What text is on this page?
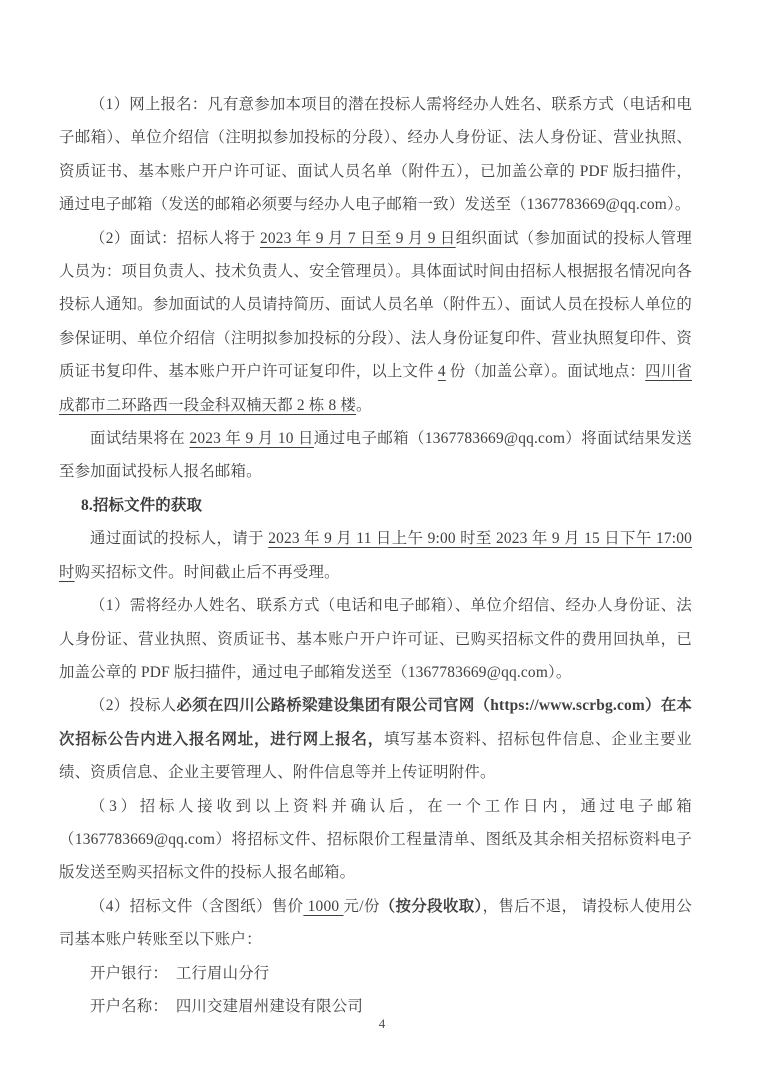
（1）网上报名：凡有意参加本项目的潜在投标人需将经办人姓名、联系方式（电话和电子邮箱）、单位介绍信（注明拟参加投标的分段）、经办人身份证、法人身份证、营业执照、资质证书、基本账户开户许可证、面试人员名单（附件五），已加盖公章的 PDF 版扫描件，通过电子邮箱（发送的邮箱必须要与经办人电子邮箱一致）发送至（1367783669@qq.com）。

（2）面试：招标人将于 2023 年 9 月 7 日至 9 月 9 日组织面试（参加面试的投标人管理人员为：项目负责人、技术负责人、安全管理员）。具体面试时间由招标人根据报名情况向各投标人通知。参加面试的人员请持简历、面试人员名单（附件五）、面试人员在投标人单位的参保证明、单位介绍信（注明拟参加投标的分段）、法人身份证复印件、营业执照复印件、资质证书复印件、基本账户开户许可证复印件，以上文件 4 份（加盖公章）。面试地点：四川省成都市二环路西一段金科双楠天都 2 栋 8 楼。

面试结果将在 2023 年 9 月 10 日通过电子邮箱（1367783669@qq.com）将面试结果发送至参加面试投标人报名邮箱。

8.招标文件的获取

通过面试的投标人，请于 2023 年 9 月 11 日上午 9:00 时至 2023 年 9 月 15 日下午 17:00 时购买招标文件。时间截止后不再受理。

（1）需将经办人姓名、联系方式（电话和电子邮箱）、单位介绍信、经办人身份证、法人身份证、营业执照、资质证书、基本账户开户许可证、已购买招标文件的费用回执单，已加盖公章的 PDF 版扫描件，通过电子邮箱发送至（1367783669@qq.com）。

（2）投标人必须在四川公路桥梁建设集团有限公司官网（https://www.scrbg.com）在本次招标公告内进入报名网址，进行网上报名，填写基本资料、招标包件信息、企业主要业绩、资质信息、企业主要管理人、附件信息等并上传证明附件。

（3）招标人接收到以上资料并确认后，在一个工作日内，通过电子邮箱（1367783669@qq.com）将招标文件、招标限价工程量清单、图纸及其余相关招标资料电子版发送至购买招标文件的投标人报名邮箱。

（4）招标文件（含图纸）售价 1000 元/份（按分段收取），售后不退， 请投标人使用公司基本账户转账至以下账户：

开户银行：　工行眉山分行

开户名称：　四川交建眉州建设有限公司

4
